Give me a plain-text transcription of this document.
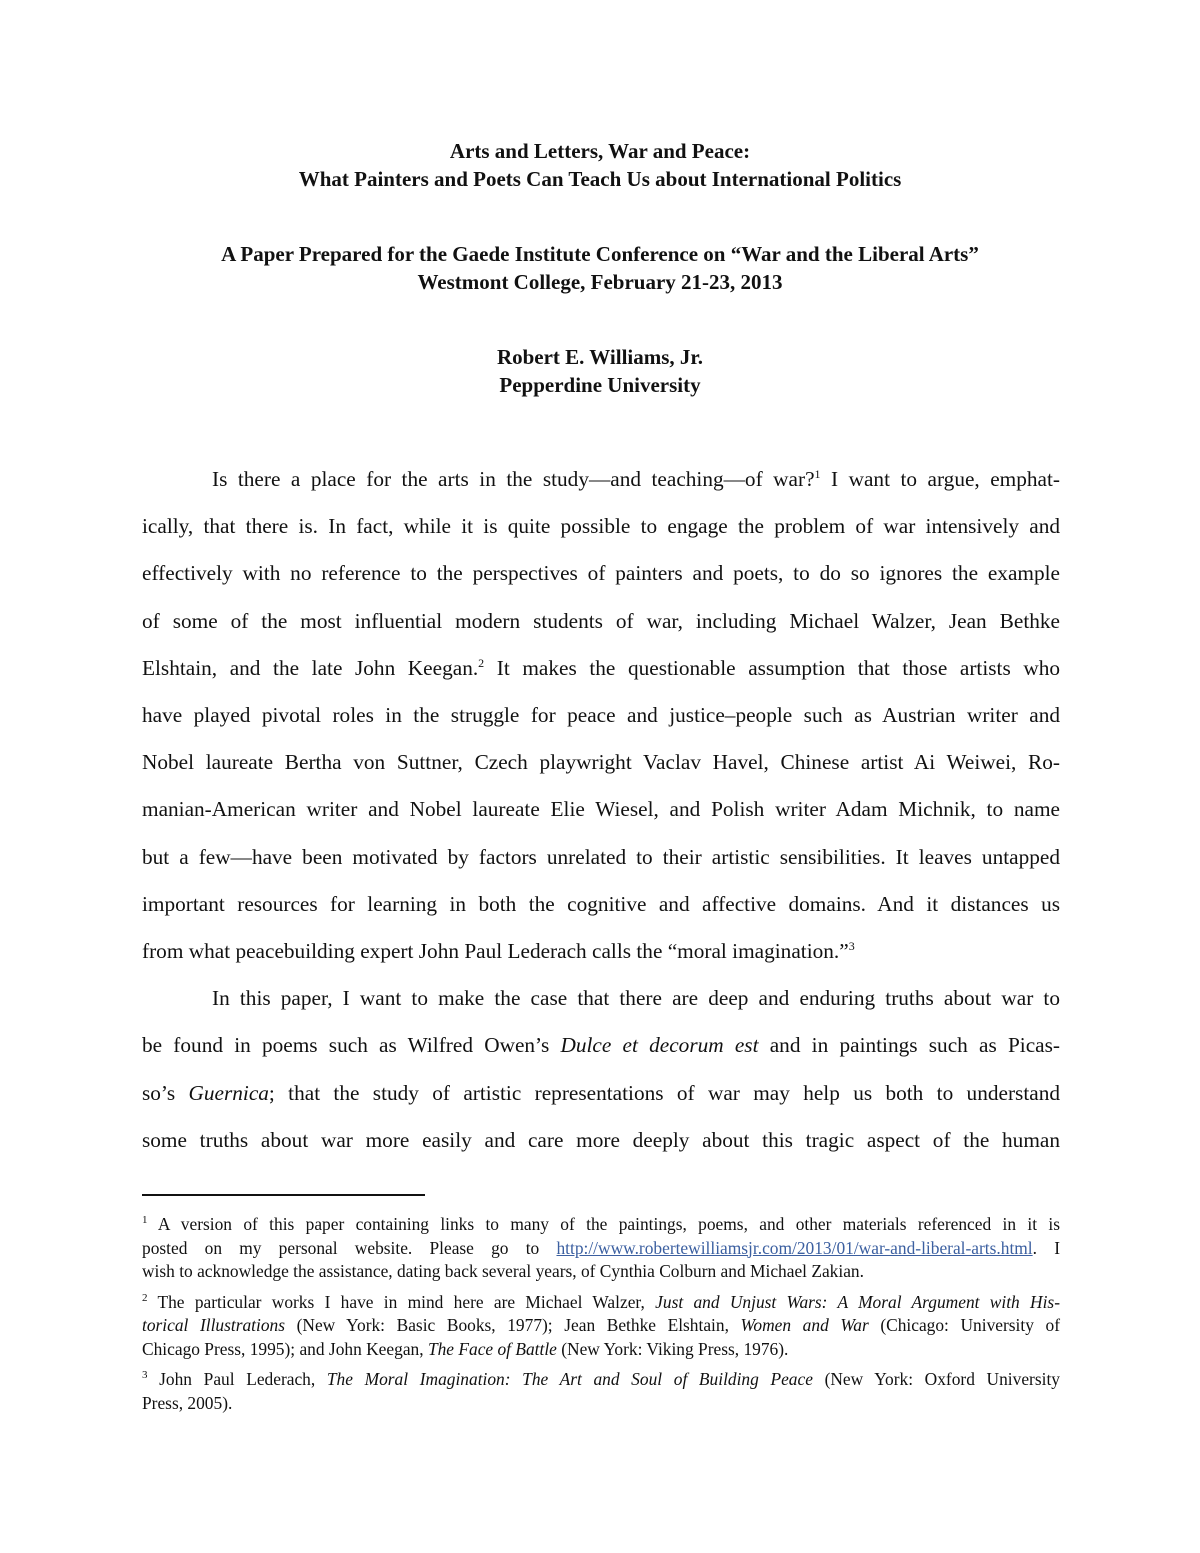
Arts and Letters, War and Peace:
What Painters and Poets Can Teach Us about International Politics
A Paper Prepared for the Gaede Institute Conference on “War and the Liberal Arts”
Westmont College, February 21-23, 2013
Robert E. Williams, Jr.
Pepperdine University
Is there a place for the arts in the study—and teaching—of war?$^1$ I want to argue, emphat-
ically, that there is. In fact, while it is quite possible to engage the problem of war intensively and
effectively with no reference to the perspectives of painters and poets, to do so ignores the example
of some of the most influential modern students of war, including Michael Walzer, Jean Bethke
Elshtain, and the late John Keegan.$^2$ It makes the questionable assumption that those artists who
have played pivotal roles in the struggle for peace and justice–people such as Austrian writer and
Nobel laureate Bertha von Suttner, Czech playwright Vaclav Havel, Chinese artist Ai Weiwei, Ro-
manian-American writer and Nobel laureate Elie Wiesel, and Polish writer Adam Michnik, to name
but a few—have been motivated by factors unrelated to their artistic sensibilities. It leaves untapped
important resources for learning in both the cognitive and affective domains. And it distances us
from what peacebuilding expert John Paul Lederach calls the “moral imagination.”$^3$
In this paper, I want to make the case that there are deep and enduring truths about war to
be found in poems such as Wilfred Owen’s Dulce et decorum est and in paintings such as Picas-
so’s Guernica; that the study of artistic representations of war may help us both to understand
some truths about war more easily and care more deeply about this tragic aspect of the human
$^1$ A version of this paper containing links to many of the paintings, poems, and other materials referenced in it is
posted on my personal website. Please go to http://www.robertewilliamsjr.com/2013/01/war-and-liberal-arts.html. I
wish to acknowledge the assistance, dating back several years, of Cynthia Colburn and Michael Zakian.
$^2$ The particular works I have in mind here are Michael Walzer, Just and Unjust Wars: A Moral Argument with His-
torical Illustrations (New York: Basic Books, 1977); Jean Bethke Elshtain, Women and War (Chicago: University of
Chicago Press, 1995); and John Keegan, The Face of Battle (New York: Viking Press, 1976).
$^3$ John Paul Lederach, The Moral Imagination: The Art and Soul of Building Peace (New York: Oxford University
Press, 2005).
